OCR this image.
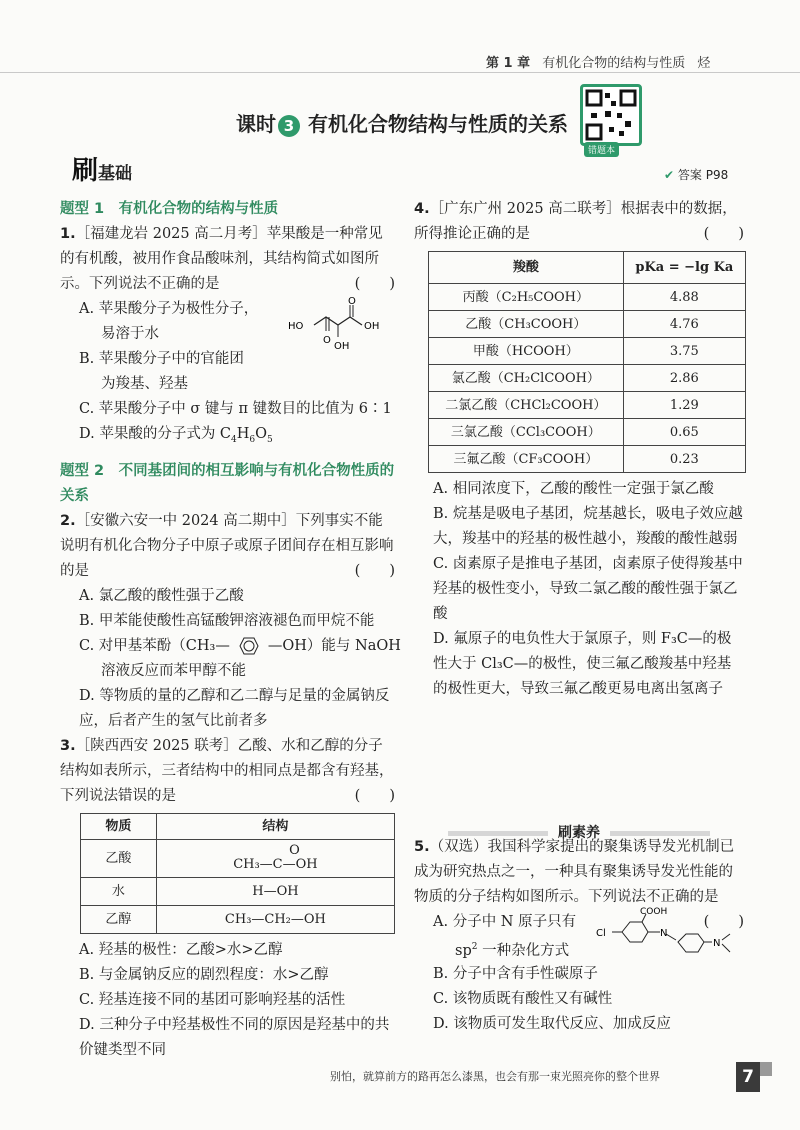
第 1 章 有机化合物的结构与性质 烃
课时 3 有机化合物结构与性质的关系
错题本
刷基础	✔ 答案 P98

题型 1　有机化合物的结构与性质

1.［福建龙岩 2025 高二月考］苹果酸是一种常见的有机酸，被用作食品酸味剂，其结构简式如图所示。下列说法不正确的是	(　　)

A. 苹果酸分子为极性分子，

易溶于水

B. 苹果酸分子中的官能团

为羧基、羟基

HO	OH
O
O
OH

C. 苹果酸分子中 σ 键与 π 键数目的比值为 6∶1

D. 苹果酸的分子式为 $C_4H_6O_5$

题型 2　不同基团间的相互影响与有机化合物性质的关系

2.［安徽六安一中 2024 高二期中］下列事实不能说明有机化合物分子中原子或原子团间存在相互影响的是	(　　)

A. 氯乙酸的酸性强于乙酸

B. 甲苯能使酸性高锰酸钾溶液褪色而甲烷不能

C. 对甲基苯酚（CH₃—	—OH）能与 NaOH

溶液反应而苯甲醇不能

D. 等物质的量的乙醇和乙二醇与足量的金属钠反应，后者产生的氢气比前者多

3.［陕西西安 2025 联考］乙酸、水和乙醇的分子结构如表所示，三者结构中的相同点是都含有羟基，下列说法错误的是	(　　)

物质	结构
乙酸	O
CH₃—C—OH

水	H—OH
乙醇	CH₃—CH₂—OH

A. 羟基的极性：乙酸>水>乙醇

B. 与金属钠反应的剧烈程度：水>乙醇

C. 羟基连接不同的基团可影响羟基的活性

D. 三种分子中羟基极性不同的原因是羟基中的共价键类型不同

4.［广东广州 2025 高二联考］根据表中的数据，所得推论正确的是	(　　)

羧酸	pKa = −lg Ka
丙酸（C₂H₅COOH）	4.88
乙酸（CH₃COOH）	4.76
甲酸（HCOOH）	3.75
氯乙酸（CH₂ClCOOH）	2.86
二氯乙酸（CHCl₂COOH）	1.29
三氯乙酸（CCl₃COOH）	0.65
三氟乙酸（CF₃COOH）	0.23

A. 相同浓度下，乙酸的酸性一定强于氯乙酸

B. 烷基是吸电子基团，烷基越长，吸电子效应越大，羧基中的羟基的极性越小，羧酸的酸性越弱

C. 卤素原子是推电子基团，卤素原子使得羧基中羟基的极性变小，导致二氯乙酸的酸性强于氯乙酸

D. 氟原子的电负性大于氯原子，则 F₃C—的极性大于 Cl₃C—的极性，使三氟乙酸羧基中羟基的极性更大，导致三氟乙酸更易电离出氢离子

刷素养

5.（双选）我国科学家提出的聚集诱导发光机制已成为研究热点之一，一种具有聚集诱导发光性能的物质的分子结构如图所示。下列说法不正确的是
(　　)

A. 分子中 N 原子只有

$sp^2$ 一种杂化方式

COOH
Cl	N
N

B. 分子中含有手性碳原子

C. 该物质既有酸性又有碱性

D. 该物质可发生取代反应、加成反应

别怕，就算前方的路再怎么漆黑，也会有那一束光照亮你的整个世界	7
